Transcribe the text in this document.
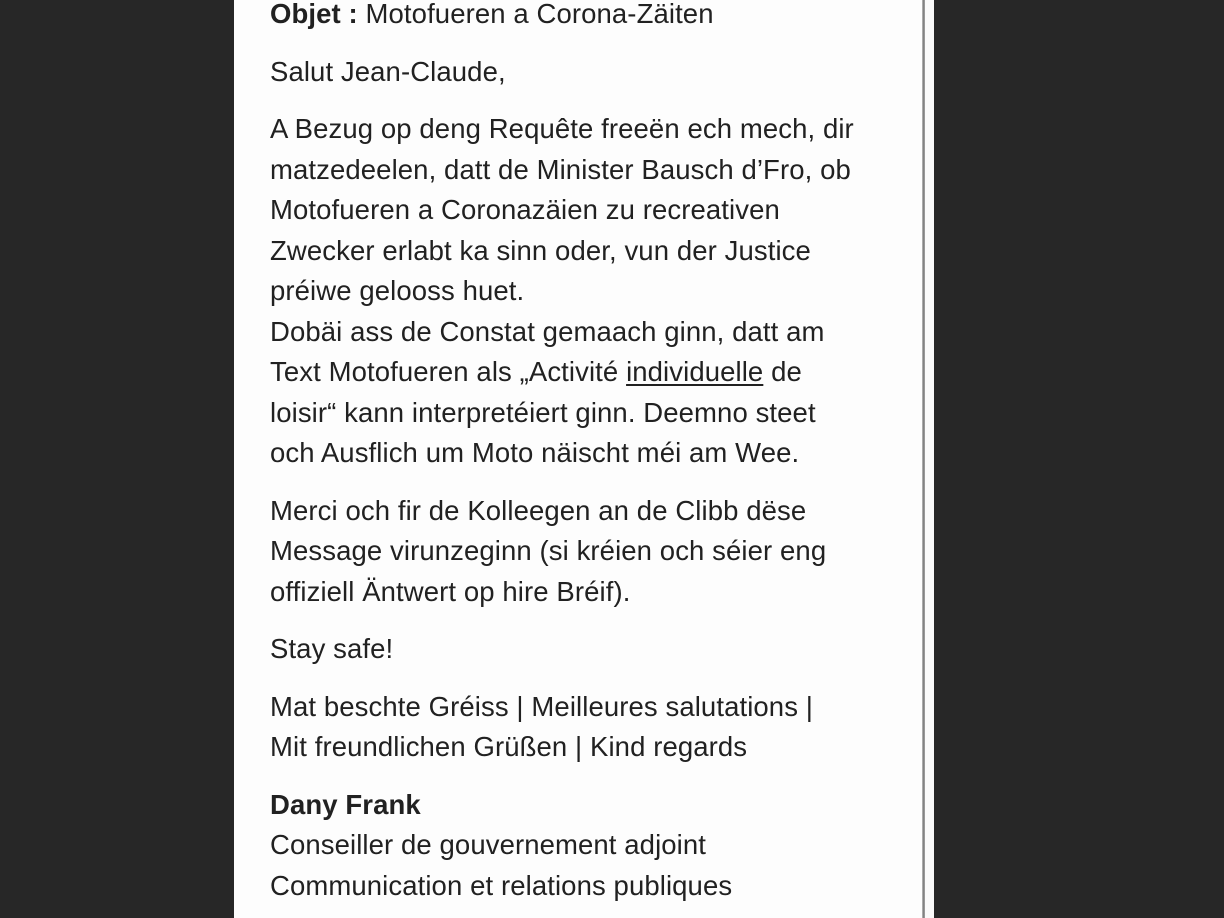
Objet : Motofueren a Corona-Zäiten
Salut Jean-Claude,
A Bezug op deng Requête freeën ech mech, dir
matzedeelen, datt de Minister Bausch d’Fro, ob
Motofueren a Coronazäien zu recreativen
Zwecker erlabt ka sinn oder, vun der Justice
préiwe gelooss huet.
Dobäi ass de Constat gemaach ginn, datt am
Text Motofueren als „Activité individuelle de
loisir“ kann interpretéiert ginn. Deemno steet
och Ausflich um Moto näischt méi am Wee.
Merci och fir de Kolleegen an de Clibb dëse
Message virunzeginn (si kréien och séier eng
offiziell Äntwert op hire Bréif).
Stay safe!
Mat beschte Gréiss | Meilleures salutations |
Mit freundlichen Grüßen | Kind regards
Dany Frank
Conseiller de gouvernement adjoint
Communication et relations publiques
